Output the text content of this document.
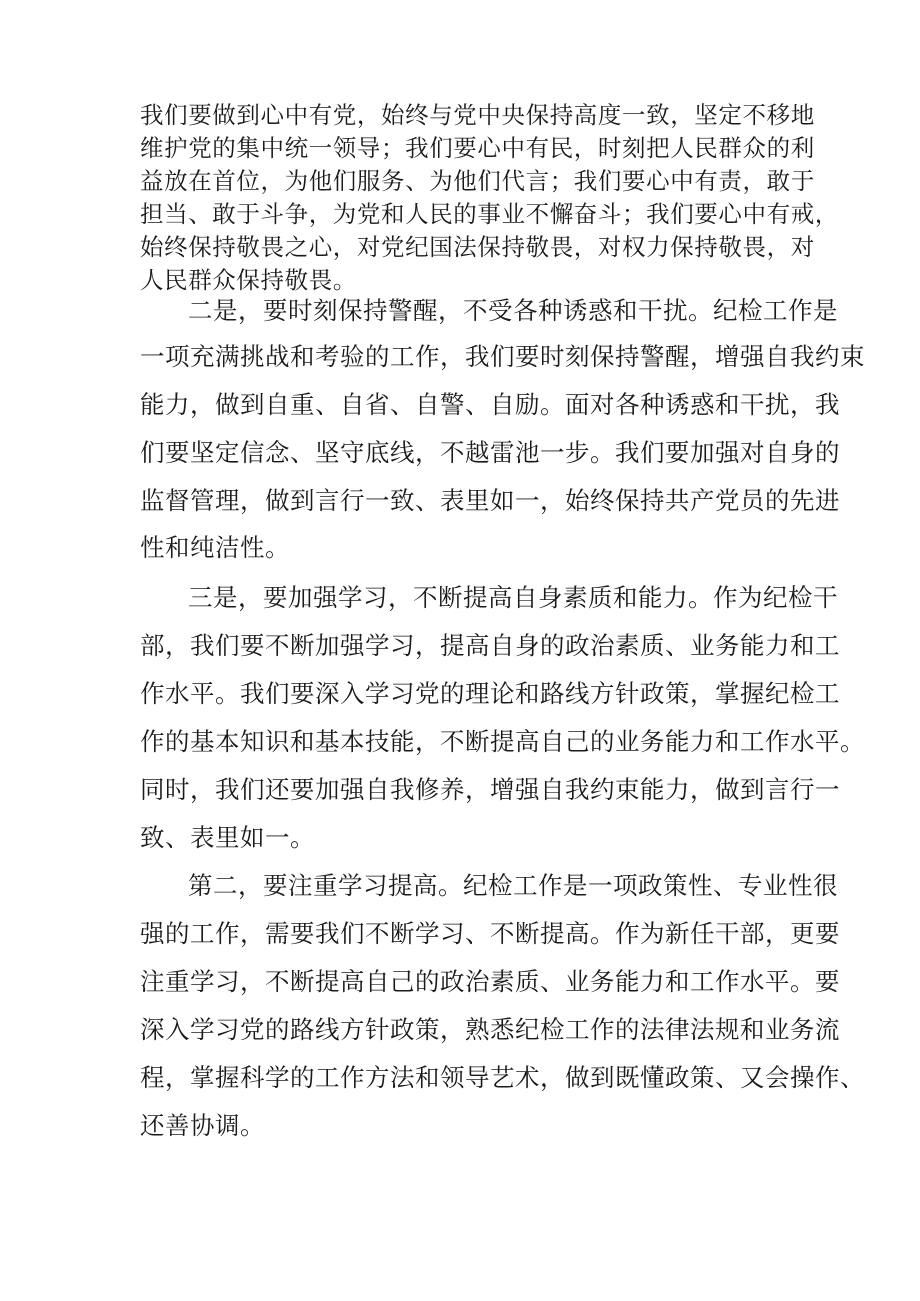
我们要做到心中有党，始终与党中央保持高度一致，坚定不移地
维护党的集中统一领导；我们要心中有民，时刻把人民群众的利
益放在首位，为他们服务、为他们代言；我们要心中有责，敢于
担当、敢于斗争，为党和人民的事业不懈奋斗；我们要心中有戒，
始终保持敬畏之心，对党纪国法保持敬畏，对权力保持敬畏，对
人民群众保持敬畏。
二是，要时刻保持警醒，不受各种诱惑和干扰。纪检工作是
一项充满挑战和考验的工作，我们要时刻保持警醒，增强自我约束
能力，做到自重、自省、自警、自励。面对各种诱惑和干扰，我
们要坚定信念、坚守底线，不越雷池一步。我们要加强对自身的
监督管理，做到言行一致、表里如一，始终保持共产党员的先进
性和纯洁性。
三是，要加强学习，不断提高自身素质和能力。作为纪检干
部，我们要不断加强学习，提高自身的政治素质、业务能力和工
作水平。我们要深入学习党的理论和路线方针政策，掌握纪检工
作的基本知识和基本技能，不断提高自己的业务能力和工作水平。
同时，我们还要加强自我修养，增强自我约束能力，做到言行一
致、表里如一。
第二，要注重学习提高。纪检工作是一项政策性、专业性很
强的工作，需要我们不断学习、不断提高。作为新任干部，更要
注重学习，不断提高自己的政治素质、业务能力和工作水平。要
深入学习党的路线方针政策，熟悉纪检工作的法律法规和业务流
程，掌握科学的工作方法和领导艺术，做到既懂政策、又会操作、
还善协调。
